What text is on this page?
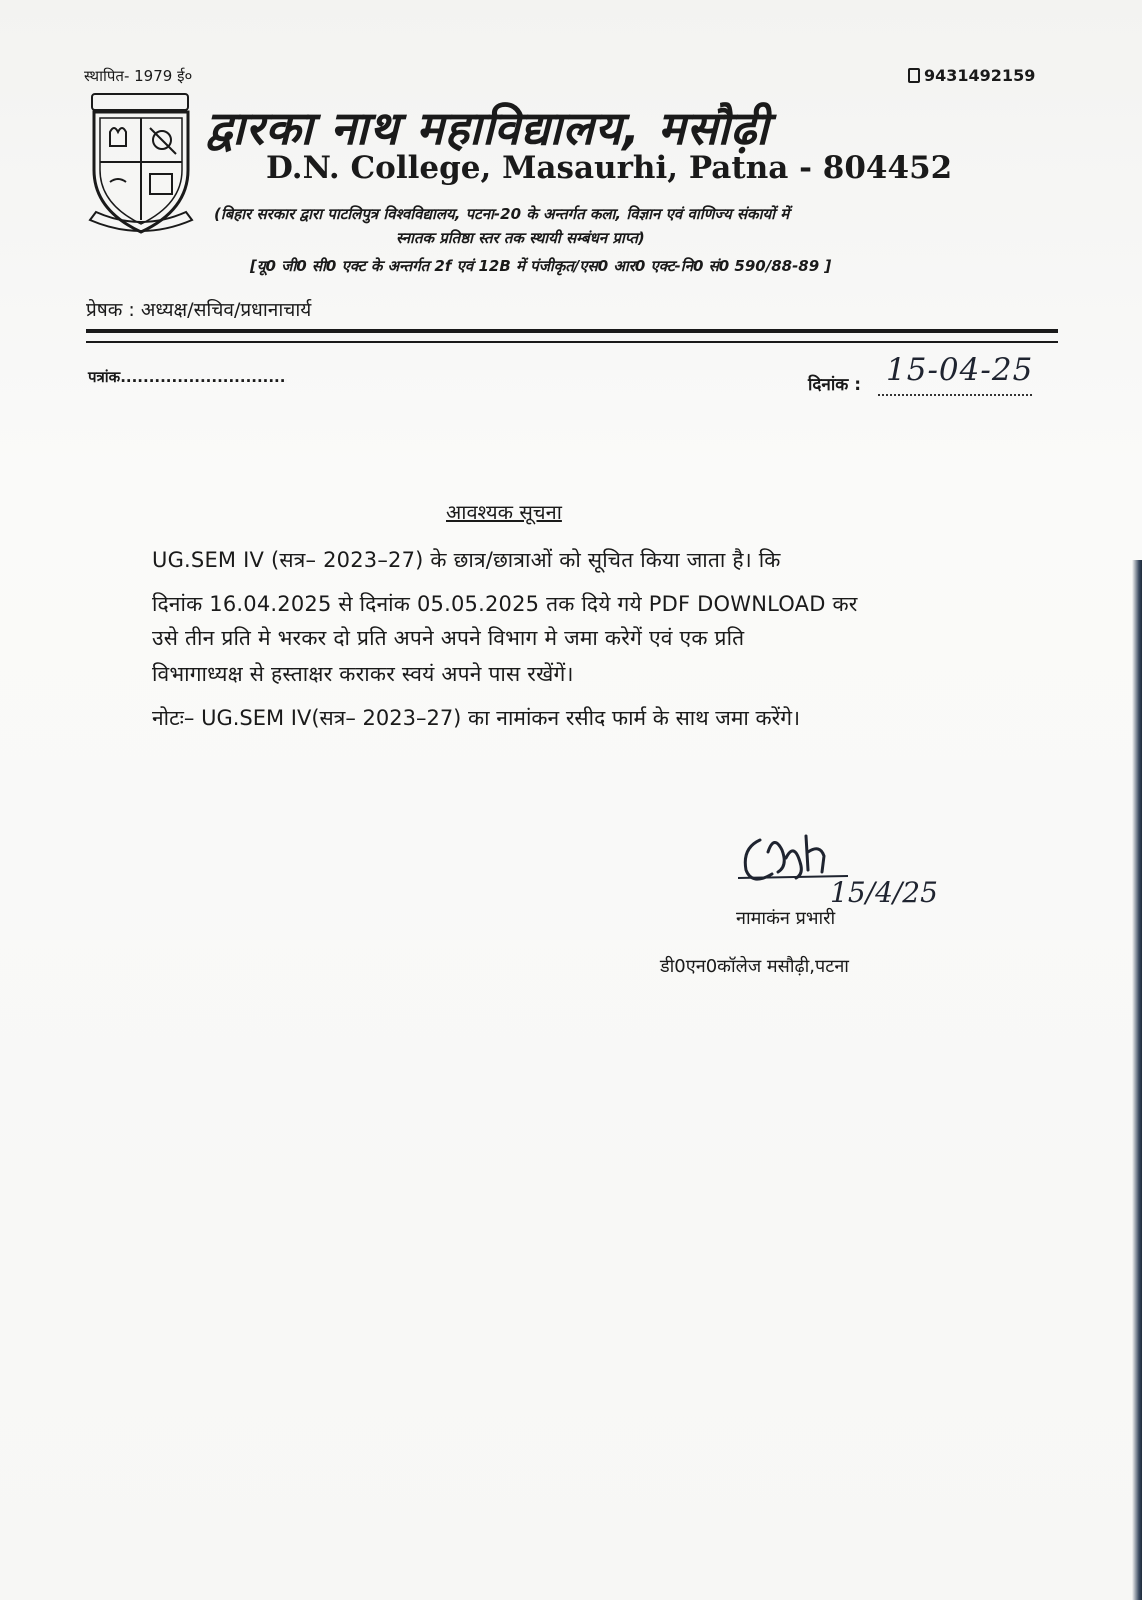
स्थापित- 1979 ई०	9431492159
द्वारका नाथ महाविद्यालय, मसौढ़ी
D.N. College, Masaurhi, Patna - 804452
(बिहार सरकार द्वारा पाटलिपुत्र विश्वविद्यालय, पटना-20 के अन्तर्गत कला, विज्ञान एवं वाणिज्य संकायों में
स्नातक प्रतिष्ठा स्तर तक स्थायी सम्बंधन प्राप्त)
[यू0 जी0 सी0 एक्ट के अन्तर्गत 2f एवं 12B में पंजीकृत/एस0 आर0 एक्ट-नि0 सं0 590/88-89 ]
प्रेषक : अध्यक्ष/सचिव/प्रधानाचार्य
पत्रांक.............................	दिनांक : 15-04-25
आवश्यक सूचना
UG.SEM IV (सत्र– 2023–27) के छात्र/छात्राओं को सूचित किया जाता है। कि
दिनांक 16.04.2025 से दिनांक 05.05.2025 तक दिये गये PDF DOWNLOAD कर
उसे तीन प्रति मे भरकर दो प्रति अपने अपने विभाग मे जमा करेगें एवं एक प्रति
विभागाध्यक्ष से हस्ताक्षर कराकर स्वयं अपने पास रखेंगें।
नोटः– UG.SEM IV(सत्र– 2023–27) का नामांकन रसीद फार्म के साथ जमा करेंगे।
15/4/25
नामाकंन प्रभारी
डी0एन0कॉलेज मसौढ़ी,पटना
